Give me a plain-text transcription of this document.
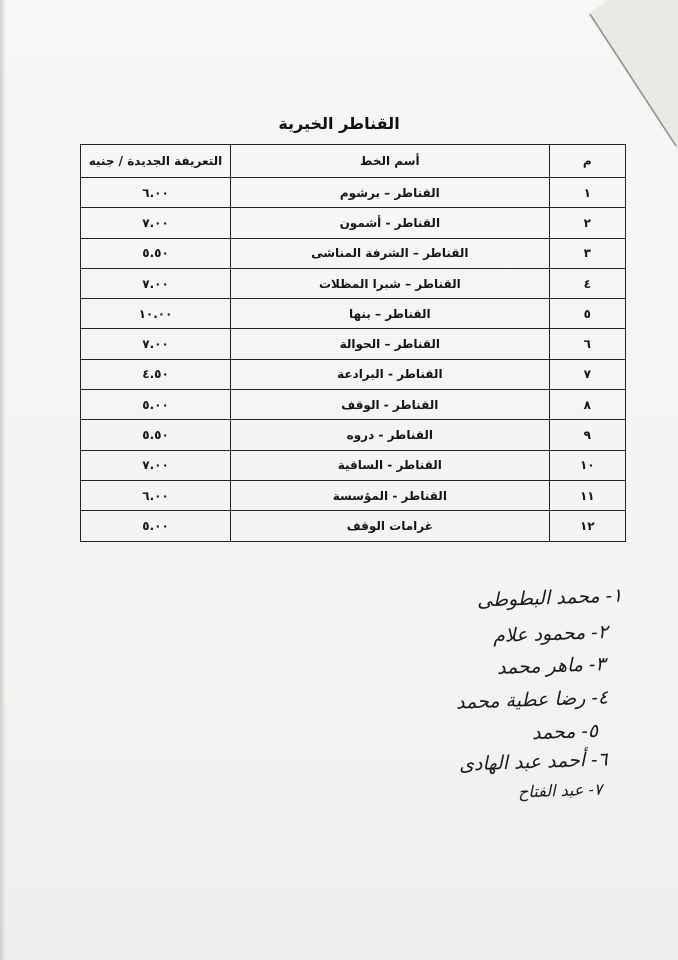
القناطر الخيرية
م	أسم الخط	التعريفة الجديدة / جنيه
١	القناطر – برشوم	٦.٠٠
٢	القناطر - أشمون	٧.٠٠
٣	القناطر – الشرفة المناشى	٥.٥٠
٤	القناطر – شبرا المظلات	٧.٠٠
٥	القناطر – بنها	١٠.٠٠
٦	القناطر – الحوالة	٧.٠٠
٧	القناطر - البرادعة	٤.٥٠
٨	القناطر - الوقف	٥.٠٠
٩	القناطر - دروه	٥.٥٠
١٠	القناطر - الساقية	٧.٠٠
١١	القناطر - المؤسسة	٦.٠٠
١٢	غرامات الوقف	٥.٠٠
١- محمد البطوطى
٢- محمود علام
٣- ماهر محمد
٤- رضا عطية محمد
٥- محمد
٦- أحمد عبد الهادى
٧- عبد الفتاح
